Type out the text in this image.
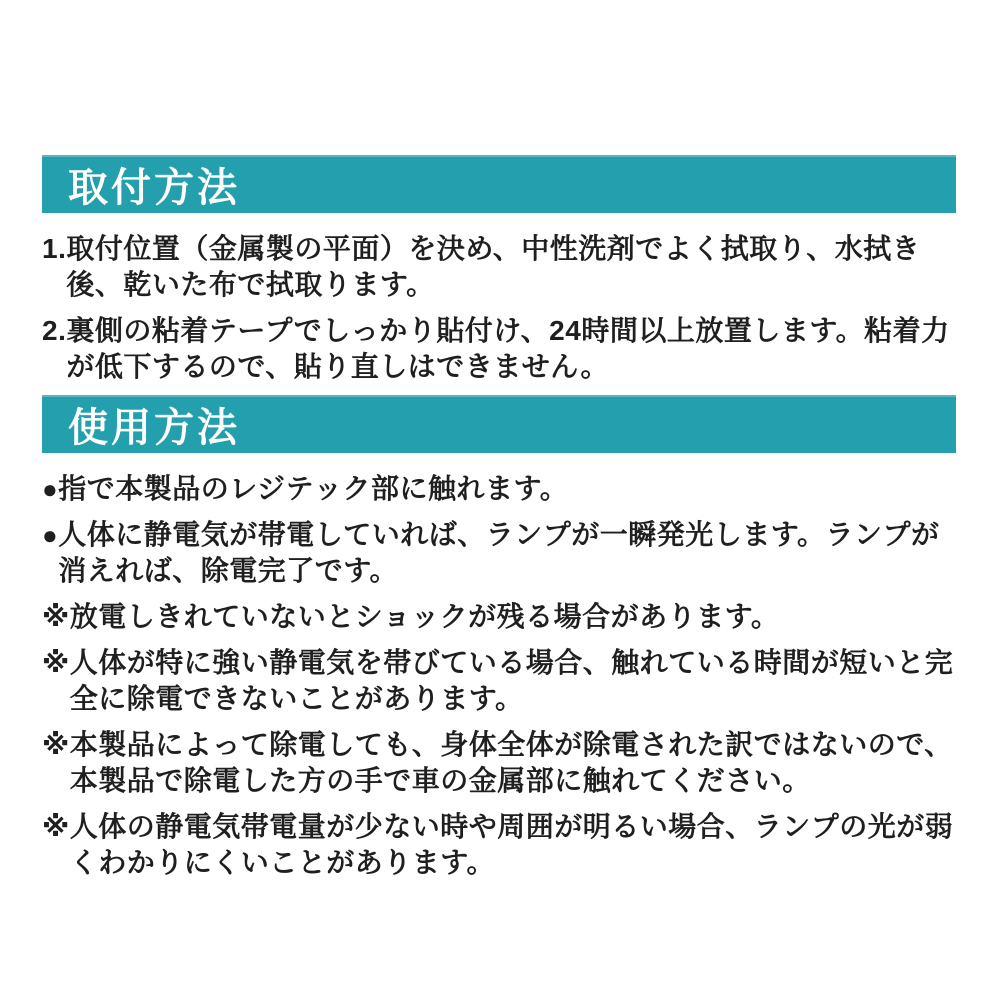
取付方法
1. 取付位置（金属製の平面）を決め、中性洗剤でよく拭取り、水拭き後、乾いた布で拭取ります。
2. 裏側の粘着テープでしっかり貼付け、24時間以上放置します。粘着力が低下するので、貼り直しはできません。
使用方法
● 指で本製品のレジテック部に触れます。
● 人体に静電気が帯電していれば、ランプが一瞬発光します。ランプが消えれば、除電完了です。
※ 放電しきれていないとショックが残る場合があります。
※ 人体が特に強い静電気を帯びている場合、触れている時間が短いと完全に除電できないことがあります。
※ 本製品によって除電しても、身体全体が除電された訳ではないので、本製品で除電した方の手で車の金属部に触れてください。
※ 人体の静電気帯電量が少ない時や周囲が明るい場合、ランプの光が弱くわかりにくいことがあります。
